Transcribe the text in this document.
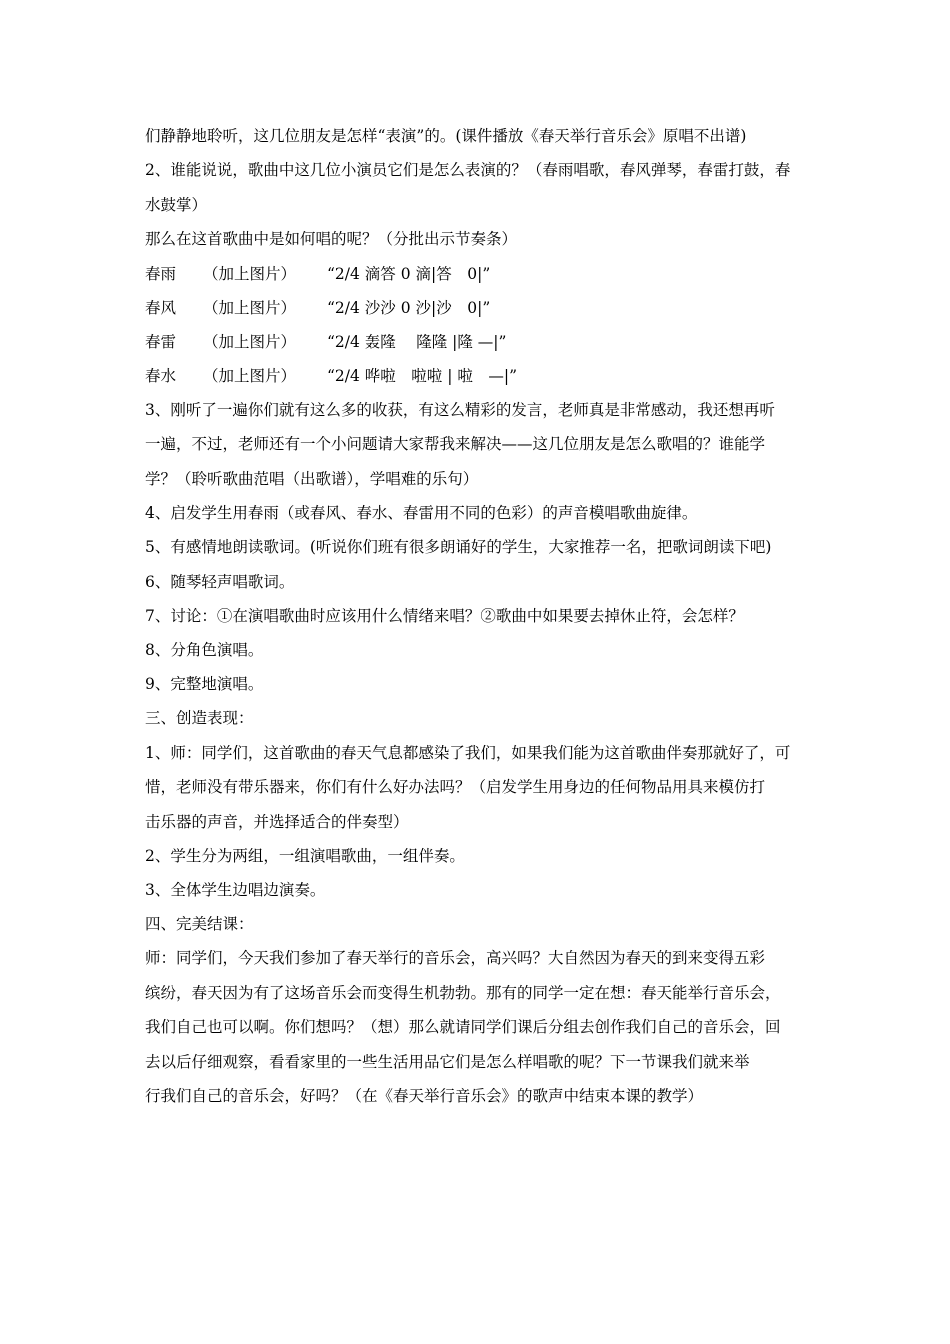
们静静地聆听，这几位朋友是怎样“表演”的。(课件播放《春天举行音乐会》原唱不出谱)
2、谁能说说，歌曲中这几位小演员它们是怎么表演的？（春雨唱歌，春风弹琴，春雷打鼓，春
水鼓掌）
那么在这首歌曲中是如何唱的呢？（分批出示节奏条）
春雨 （加上图片） “2/4 滴答 0 滴|答　0|”
春风 （加上图片） “2/4 沙沙 0 沙|沙　0|”
春雷 （加上图片） “2/4 轰隆　 隆隆 |隆 —|”
春水 （加上图片） “2/4 哗啦　啦啦 | 啦　—|”
3、刚听了一遍你们就有这么多的收获，有这么精彩的发言，老师真是非常感动，我还想再听
一遍，不过，老师还有一个小问题请大家帮我来解决——这几位朋友是怎么歌唱的？谁能学
学？（聆听歌曲范唱（出歌谱），学唱难的乐句）
4、启发学生用春雨（或春风、春水、春雷用不同的色彩）的声音模唱歌曲旋律。
5、有感情地朗读歌词。(听说你们班有很多朗诵好的学生，大家推荐一名，把歌词朗读下吧)
6、随琴轻声唱歌词。
7、讨论：①在演唱歌曲时应该用什么情绪来唱？②歌曲中如果要去掉休止符，会怎样？
8、分角色演唱。
9、完整地演唱。
三、创造表现：
1、师：同学们，这首歌曲的春天气息都感染了我们，如果我们能为这首歌曲伴奏那就好了，可
惜，老师没有带乐器来，你们有什么好办法吗？（启发学生用身边的任何物品用具来模仿打
击乐器的声音，并选择适合的伴奏型）
2、学生分为两组，一组演唱歌曲，一组伴奏。
3、全体学生边唱边演奏。
四、完美结课：
师：同学们，今天我们参加了春天举行的音乐会，高兴吗？大自然因为春天的到来变得五彩
缤纷，春天因为有了这场音乐会而变得生机勃勃。那有的同学一定在想：春天能举行音乐会，
我们自己也可以啊。你们想吗？（想）那么就请同学们课后分组去创作我们自己的音乐会，回
去以后仔细观察，看看家里的一些生活用品它们是怎么样唱歌的呢？下一节课我们就来举
行我们自己的音乐会，好吗？（在《春天举行音乐会》的歌声中结束本课的教学）
